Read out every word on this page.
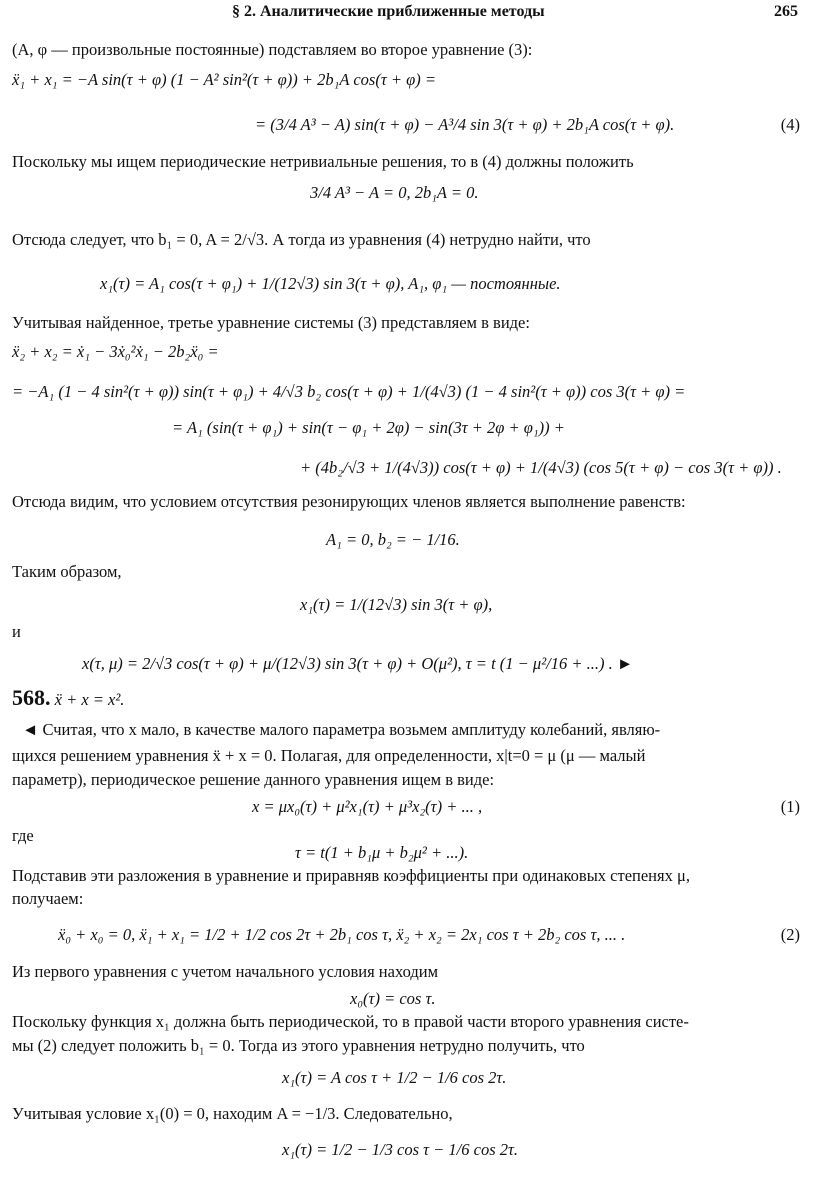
§ 2. Аналитические приближенные методы	265
(A, φ — произвольные постоянные) подставляем во второе уравнение (3):
ẍ₁ + x₁ = −A sin(τ + φ) (1 − A² sin²(τ + φ)) + 2b₁A cos(τ + φ) =
= (3/4 A³ − A) sin(τ + φ) − A³/4 sin 3(τ + φ) + 2b₁A cos(τ + φ).	(4)
Поскольку мы ищем периодические нетривиальные решения, то в (4) должны положить
3/4 A³ − A = 0, 2b₁A = 0.
Отсюда следует, что b₁ = 0, A = 2/√3. А тогда из уравнения (4) нетрудно найти, что
x₁(τ) = A₁ cos(τ + φ₁) + 1/(12√3) sin 3(τ + φ), A₁, φ₁ — постоянные.
Учитывая найденное, третье уравнение системы (3) представляем в виде:
ẍ₂ + x₂ = ẋ₁ − 3ẋ₀²ẋ₁ − 2b₂ẍ₀ =
= −A₁ (1 − 4 sin²(τ + φ)) sin(τ + φ₁) + 4/√3 b₂ cos(τ + φ) + 1/(4√3) (1 − 4 sin²(τ + φ)) cos 3(τ + φ) =
= A₁ (sin(τ + φ₁) + sin(τ − φ₁ + 2φ) − sin(3τ + 2φ + φ₁)) +
+ (4b₂/√3 + 1/(4√3)) cos(τ + φ) + 1/(4√3) (cos 5(τ + φ) − cos 3(τ + φ)) .
Отсюда видим, что условием отсутствия резонирующих членов является выполнение равенств:
A₁ = 0, b₂ = − 1/16.
Таким образом,
x₁(τ) = 1/(12√3) sin 3(τ + φ),
и
x(τ, μ) = 2/√3 cos(τ + φ) + μ/(12√3) sin 3(τ + φ) + O(μ²), τ = t (1 − μ²/16 + ...) . ►
568. ẍ + x = x².
◄ Считая, что x мало, в качестве малого параметра возьмем амплитуду колебаний, являю-
щихся решением уравнения ẍ + x = 0. Полагая, для определенности, x|t=0 = μ (μ — малый
параметр), периодическое решение данного уравнения ищем в виде:
x = μx₀(τ) + μ²x₁(τ) + μ³x₂(τ) + ... ,	(1)
где
τ = t(1 + b₁μ + b₂μ² + ...).
Подставив эти разложения в уравнение и приравняв коэффициенты при одинаковых степенях μ,
получаем:
ẍ₀ + x₀ = 0, ẍ₁ + x₁ = 1/2 + 1/2 cos 2τ + 2b₁ cos τ, ẍ₂ + x₂ = 2x₁ cos τ + 2b₂ cos τ, ... .	(2)
Из первого уравнения с учетом начального условия находим
x₀(τ) = cos τ.
Поскольку функция x₁ должна быть периодической, то в правой части второго уравнения систе-
мы (2) следует положить b₁ = 0. Тогда из этого уравнения нетрудно получить, что
x₁(τ) = A cos τ + 1/2 − 1/6 cos 2τ.
Учитывая условие x₁(0) = 0, находим A = −1/3. Следовательно,
x₁(τ) = 1/2 − 1/3 cos τ − 1/6 cos 2τ.
